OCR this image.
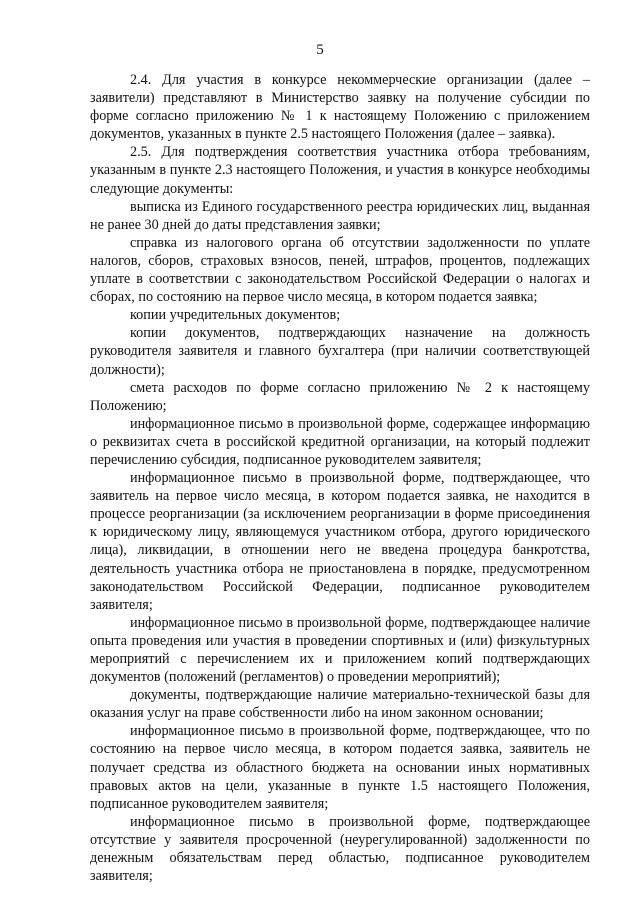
5

2.4. Для участия в конкурсе некоммерческие организации (далее – заявители) представляют в Министерство заявку на получение субсидии по форме согласно приложению № 1 к настоящему Положению с приложением документов, указанных в пункте 2.5 настоящего Положения (далее – заявка).

2.5. Для подтверждения соответствия участника отбора требованиям, указанным в пункте 2.3 настоящего Положения, и участия в конкурсе необходимы следующие документы:

выписка из Единого государственного реестра юридических лиц, выданная не ранее 30 дней до даты представления заявки;

справка из налогового органа об отсутствии задолженности по уплате налогов, сборов, страховых взносов, пеней, штрафов, процентов, подлежащих уплате в соответствии с законодательством Российской Федерации о налогах и сборах, по состоянию на первое число месяца, в котором подается заявка;

копии учредительных документов;

копии документов, подтверждающих назначение на должность руководителя заявителя и главного бухгалтера (при наличии соответствующей должности);

смета расходов по форме согласно приложению № 2 к настоящему Положению;

информационное письмо в произвольной форме, содержащее информацию о реквизитах счета в российской кредитной организации, на который подлежит перечислению субсидия, подписанное руководителем заявителя;

информационное письмо в произвольной форме, подтверждающее, что заявитель на первое число месяца, в котором подается заявка, не находится в процессе реорганизации (за исключением реорганизации в форме присоединения к юридическому лицу, являющемуся участником отбора, другого юридического лица), ликвидации, в отношении него не введена процедура банкротства, деятельность участника отбора не приостановлена в порядке, предусмотренном законодательством Российской Федерации, подписанное руководителем заявителя;

информационное письмо в произвольной форме, подтверждающее наличие опыта проведения или участия в проведении спортивных и (или) физкультурных мероприятий с перечислением их и приложением копий подтверждающих документов (положений (регламентов) о проведении мероприятий);

документы, подтверждающие наличие материально-технической базы для оказания услуг на праве собственности либо на ином законном основании;

информационное письмо в произвольной форме, подтверждающее, что по состоянию на первое число месяца, в котором подается заявка, заявитель не получает средства из областного бюджета на основании иных нормативных правовых актов на цели, указанные в пункте 1.5 настоящего Положения, подписанное руководителем заявителя;

информационное письмо в произвольной форме, подтверждающее отсутствие у заявителя просроченной (неурегулированной) задолженности по денежным обязательствам перед областью, подписанное руководителем заявителя;
